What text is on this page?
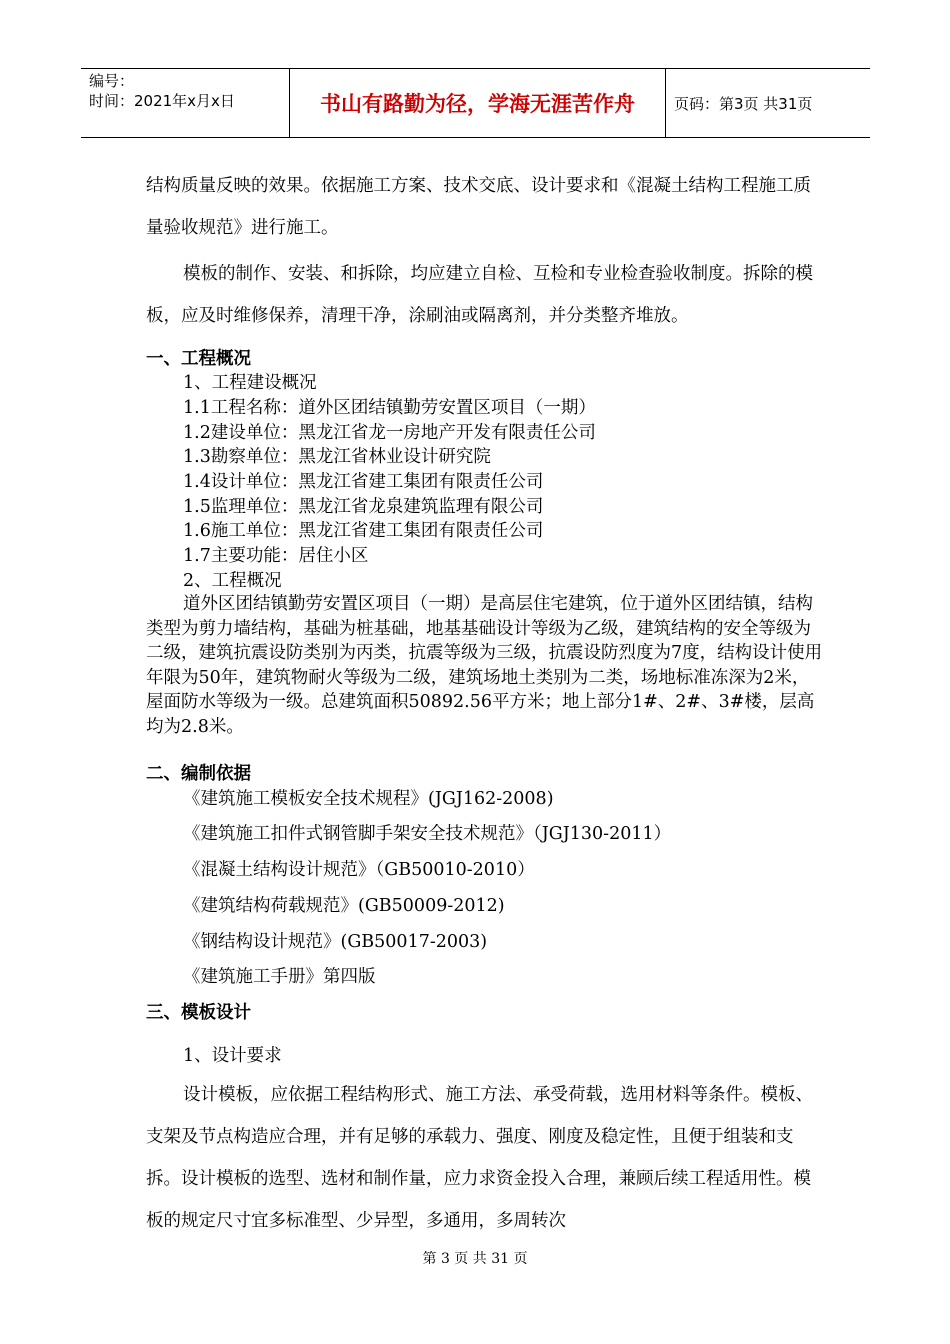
编号：
时间：2021年x月x日	书山有路勤为径，学海无涯苦作舟	页码：第3页 共31页
结构质量反映的效果。依据施工方案、技术交底、设计要求和《混凝土结构工程施工质量验收规范》进行施工。
模板的制作、安装、和拆除，均应建立自检、互检和专业检查验收制度。拆除的模板，应及时维修保养，清理干净，涂刷油或隔离剂，并分类整齐堆放。
一、工程概况
1、工程建设概况
1.1工程名称：道外区团结镇勤劳安置区项目（一期）
1.2建设单位：黑龙江省龙一房地产开发有限责任公司
1.3勘察单位：黑龙江省林业设计研究院
1.4设计单位：黑龙江省建工集团有限责任公司
1.5监理单位：黑龙江省龙泉建筑监理有限公司
1.6施工单位：黑龙江省建工集团有限责任公司
1.7主要功能：居住小区
2、工程概况
道外区团结镇勤劳安置区项目（一期）是高层住宅建筑，位于道外区团结镇，结构类型为剪力墙结构，基础为桩基础，地基基础设计等级为乙级，建筑结构的安全等级为二级，建筑抗震设防类别为丙类，抗震等级为三级，抗震设防烈度为7度，结构设计使用年限为50年，建筑物耐火等级为二级，建筑场地土类别为二类，场地标准冻深为2米，屋面防水等级为一级。总建筑面积50892.56平方米；地上部分1#、2#、3#楼，层高均为2.8米。
二、编制依据
《建筑施工模板安全技术规程》(JGJ162-2008)
《建筑施工扣件式钢管脚手架安全技术规范》（JGJ130-2011）
《混凝土结构设计规范》（GB50010-2010）
《建筑结构荷载规范》(GB50009-2012)
《钢结构设计规范》(GB50017-2003)
《建筑施工手册》第四版
三、模板设计
1、设计要求
设计模板，应依据工程结构形式、施工方法、承受荷载，选用材料等条件。模板、支架及节点构造应合理，并有足够的承载力、强度、刚度及稳定性，且便于组装和支拆。设计模板的选型、选材和制作量，应力求资金投入合理，兼顾后续工程适用性。模板的规定尺寸宜多标准型、少异型，多通用，多周转次
第 3 页 共 31 页
